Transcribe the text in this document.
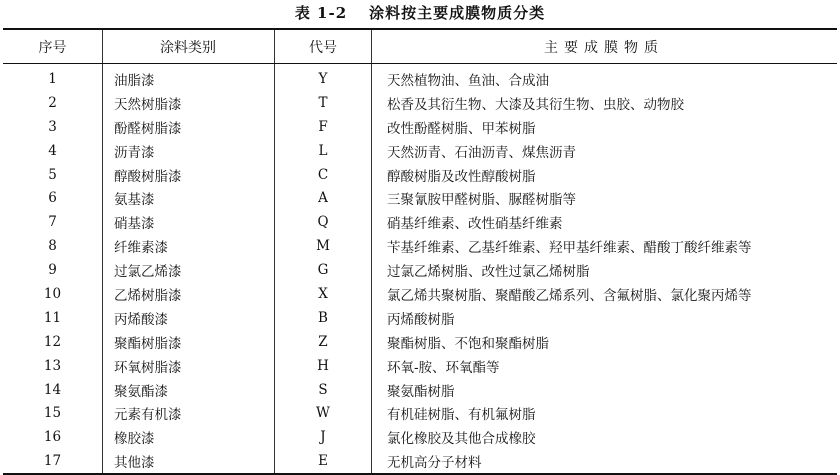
表 1-2 涂料按主要成膜物质分类
序号	涂料类别	代号	主要成膜物质
1	油脂漆	Y	天然植物油、鱼油、合成油
2	天然树脂漆	T	松香及其衍生物、大漆及其衍生物、虫胶、动物胶
3	酚醛树脂漆	F	改性酚醛树脂、甲苯树脂
4	沥青漆	L	天然沥青、石油沥青、煤焦沥青
5	醇酸树脂漆	C	醇酸树脂及改性醇酸树脂
6	氨基漆	A	三聚氰胺甲醛树脂、脲醛树脂等
7	硝基漆	Q	硝基纤维素、改性硝基纤维素
8	纤维素漆	M	苄基纤维素、乙基纤维素、羟甲基纤维素、醋酸丁酸纤维素等
9	过氯乙烯漆	G	过氯乙烯树脂、改性过氯乙烯树脂
10	乙烯树脂漆	X	氯乙烯共聚树脂、聚醋酸乙烯系列、含氟树脂、氯化聚丙烯等
11	丙烯酸漆	B	丙烯酸树脂
12	聚酯树脂漆	Z	聚酯树脂、不饱和聚酯树脂
13	环氧树脂漆	H	环氧-胺、环氧酯等
14	聚氨酯漆	S	聚氨酯树脂
15	元素有机漆	W	有机硅树脂、有机氟树脂
16	橡胶漆	J	氯化橡胶及其他合成橡胶
17	其他漆	E	无机高分子材料
